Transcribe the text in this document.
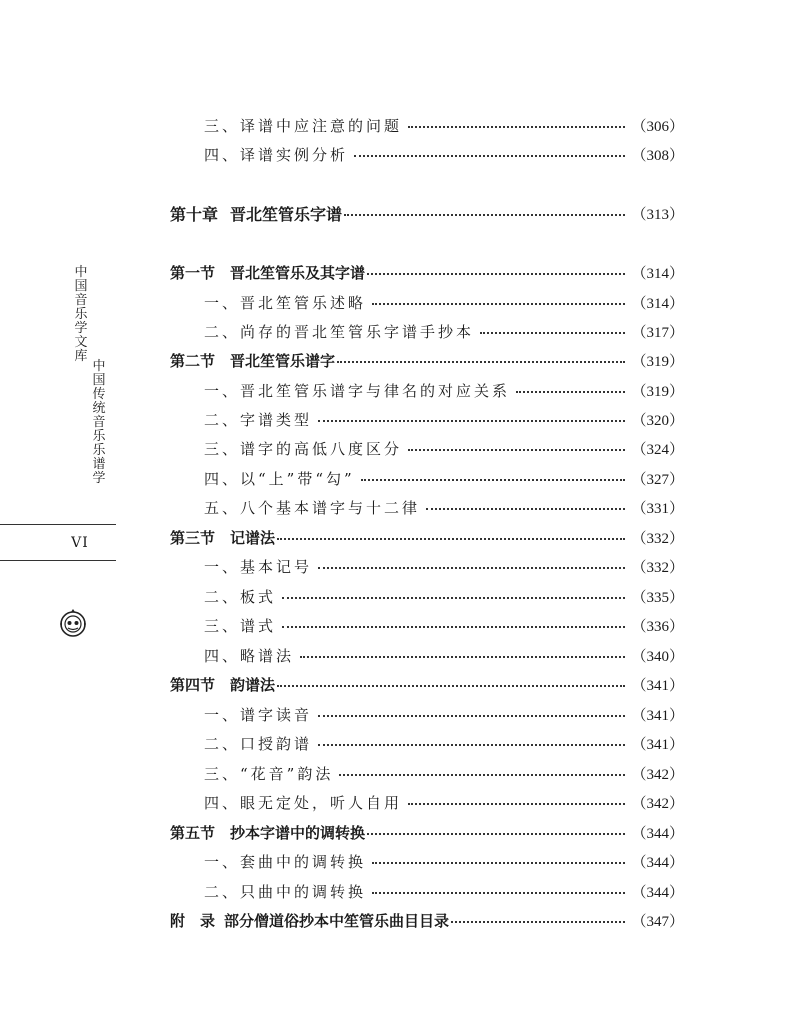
中国音乐学文库
中国传统音乐乐谱学
VI
三、 译谱中应注意的问题	（306）
四、 译谱实例分析	（308）
第十章 晋北笙管乐字谱	（313）
第一节 晋北笙管乐及其字谱	（314）
一、 晋北笙管乐述略	（314）
二、 尚存的晋北笙管乐字谱手抄本	（317）
第二节 晋北笙管乐谱字	（319）
一、 晋北笙管乐谱字与律名的对应关系	（319）
二、 字谱类型	（320）
三、 谱字的高低八度区分	（324）
四、 以“上”带“勾”	（327）
五、 八个基本谱字与十二律	（331）
第三节 记谱法	（332）
一、 基本记号	（332）
二、 板式	（335）
三、 谱式	（336）
四、 略谱法	（340）
第四节 韵谱法	（341）
一、 谱字读音	（341）
二、 口授韵谱	（341）
三、 “花音”韵法	（342）
四、 眼无定处，听人自用	（342）
第五节 抄本字谱中的调转换	（344）
一、 套曲中的调转换	（344）
二、 只曲中的调转换	（344）
附　录 部分僧道俗抄本中笙管乐曲目目录	（347）
